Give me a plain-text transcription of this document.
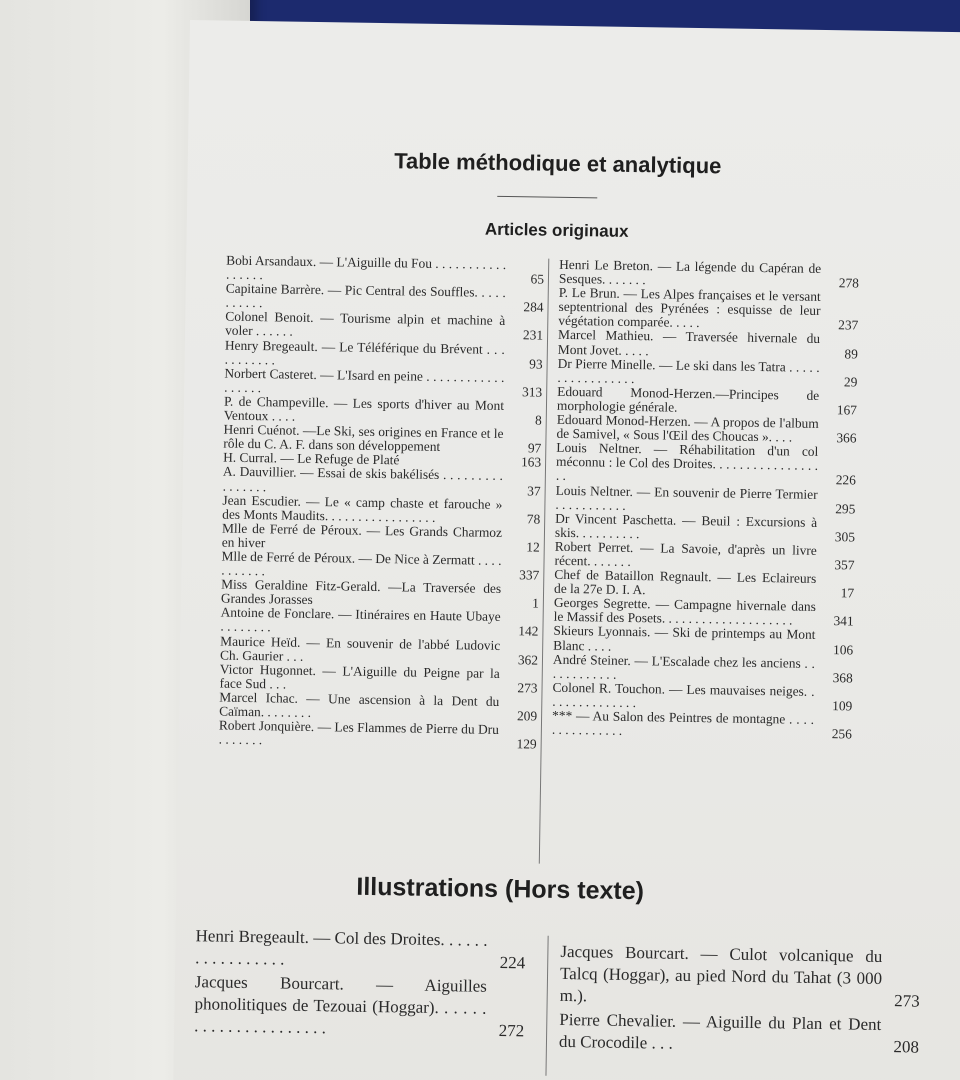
Table méthodique et analytique
Articles originaux
Bobi Arsandaux. — L'Aiguille du Fou . . . . . . . . . . . . . . . . .	65
Capitaine Barrère. — Pic Central des Souffles. . . . . . . . . . .	284
Colonel Benoit. — Tourisme alpin et machine à voler . . . . . .	231
Henry Bregeault. — Le Téléférique du Brévent . . . . . . . . . . .	93
Norbert Casteret. — L'Isard en peine . . . . . . . . . . . . . . . . . .	313
P. de Champeville. — Les sports d'hiver au Mont Ventoux . . . .	8
Henri Cuénot. —Le Ski, ses origines en France et le rôle du C. A. F. dans son développement	97
H. Curral. — Le Refuge de Platé	163
A. Dauvillier. — Essai de skis bakélisés . . . . . . . . . . . . . . . .	37
Jean Escudier. — Le « camp chaste et farouche » des Monts Maudits. . . . . . . . . . . . . . . . .	78
Mlle de Ferré de Péroux. — Les Grands Charmoz en hiver	12
Mlle de Ferré de Péroux. — De Nice à Zermatt . . . . . . . . . . .	337
Miss Geraldine Fitz-Gerald. —La Traversée des Grandes Jorasses	1
Antoine de Fonclare. — Itinéraires en Haute Ubaye . . . . . . . .	142
Maurice Heïd. — En souvenir de l'abbé Ludovic Ch. Gaurier . . .	362
Victor Hugonnet. — L'Aiguille du Peigne par la face Sud . . .	273
Marcel Ichac. — Une ascension à la Dent du Caïman. . . . . . . .	209
Robert Jonquière. — Les Flammes de Pierre du Dru . . . . . . .	129
Henri Le Breton. — La légende du Capéran de Sesques. . . . . . .	278
P. Le Brun. — Les Alpes françaises et le versant septentrional des Pyrénées : esquisse de leur végétation comparée. . . . .	237
Marcel Mathieu. — Traversée hivernale du Mont Jovet. . . . .	89
Dr Pierre Minelle. — Le ski dans les Tatra . . . . . . . . . . . . . . . . .	29
Edouard Monod-Herzen.—Principes de morphologie générale.	167
Edouard Monod-Herzen. — A propos de l'album de Samivel, « Sous l'Œil des Choucas ». . . .	366
Louis Neltner. — Réhabilitation d'un col méconnu : le Col des Droites. . . . . . . . . . . . . . . . . .	226
Louis Neltner. — En souvenir de Pierre Termier . . . . . . . . . . .	295
Dr Vincent Paschetta. — Beuil : Excursions à skis. . . . . . . . . .	305
Robert Perret. — La Savoie, d'après un livre récent. . . . . . .	357
Chef de Bataillon Regnault. — Les Eclaireurs de la 27e D. I. A.	17
Georges Segrette. — Campagne hivernale dans le Massif des Posets. . . . . . . . . . . . . . . . . . . .	341
Skieurs Lyonnais. — Ski de printemps au Mont Blanc . . . .	106
André Steiner. — L'Escalade chez les anciens . . . . . . . . . . . .	368
Colonel R. Touchon. — Les mauvaises neiges. . . . . . . . . . . . . . .	109
*** — Au Salon des Peintres de montagne . . . . . . . . . . . . . . .	256
Illustrations (Hors texte)
Henri Bregeault. — Col des Droites. . . . . . . . . . . . . . . . .	224
Jacques Bourcart. — Aiguilles phonolitiques de Tezouai (Hoggar). . . . . . . . . . . . . . . . . . . . . .	272
Jacques Bourcart. — Culot volcanique du Talcq (Hoggar), au pied Nord du Tahat (3 000 m.).	273
Pierre Chevalier. — Aiguille du Plan et Dent du Crocodile . . .	208
